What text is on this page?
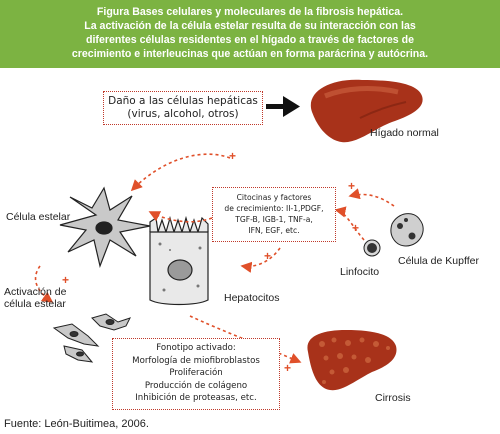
Figura Bases celulares y moleculares de la fibrosis hepática.

La activación de la célula estelar resulta de su interacción con las

diferentes células residentes en el hígado a través de factores de

crecimiento e interleucinas que actúan en forma parácrina y autócrina.

+
+
+
+
+
+
Daño a las células hepáticas
(virus, alcohol, otros)
Citocinas y factores
de crecimiento: II-1,PDGF,
TGF-B, IGB-1, TNF-a,
IFN, EGF, etc.
Fonotipo activado:
Morfología de miofibroblastos
Proliferación
Producción de colágeno
Inhibición de proteasas, etc.
Hígado normal
Célula estelar
Linfocito
Célula de Kupffer
Hepatocitos
Activación de
célula estelar
Cirrosis
Fuente: León-Buitimea, 2006.
